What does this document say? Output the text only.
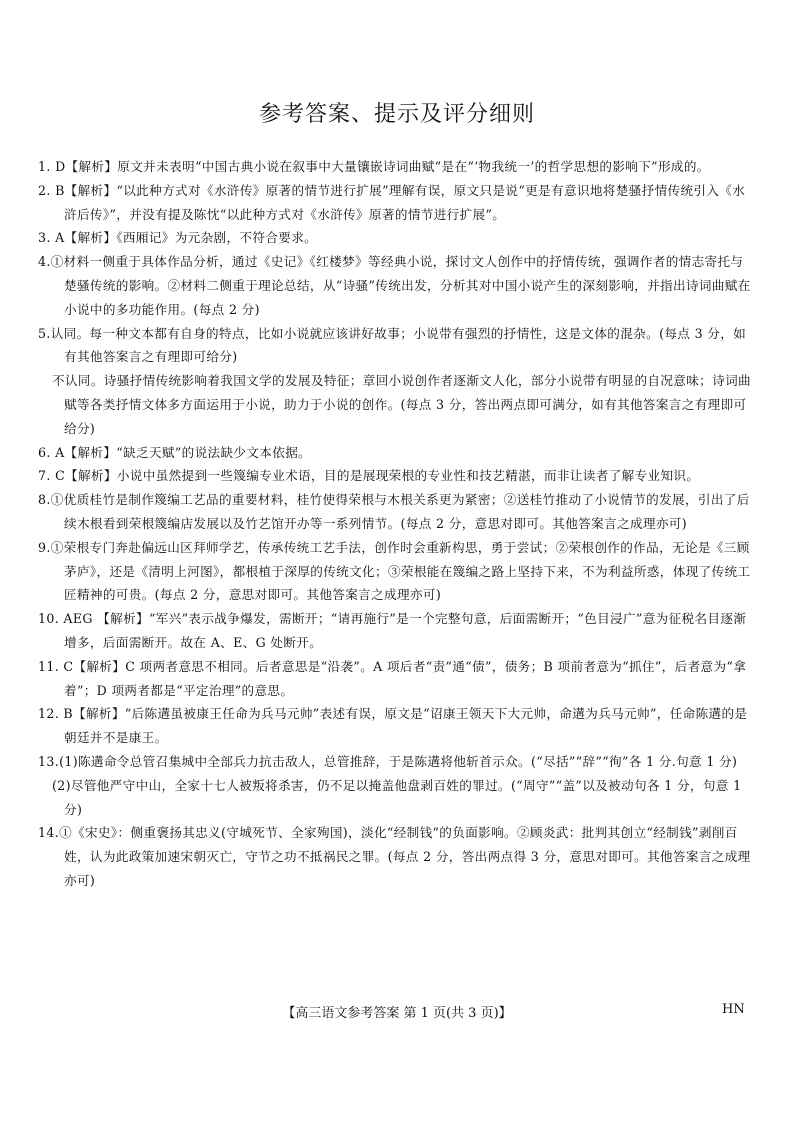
参考答案、提示及评分细则

1. D【解析】原文并未表明“中国古典小说在叙事中大量镶嵌诗词曲赋”是在“‘物我统一’的哲学思想的影响下”形成的。

2. B【解析】“以此种方式对《水浒传》原著的情节进行扩展”理解有误，原文只是说“更是有意识地将楚骚抒情传统引入《水浒后传》”，并没有提及陈忱“以此种方式对《水浒传》原著的情节进行扩展”。

3. A【解析】《西厢记》为元杂剧，不符合要求。

4.①材料一侧重于具体作品分析，通过《史记》《红楼梦》等经典小说，探讨文人创作中的抒情传统，强调作者的情志寄托与楚骚传统的影响。②材料二侧重于理论总结，从“诗骚”传统出发，分析其对中国小说产生的深刻影响，并指出诗词曲赋在小说中的多功能作用。(每点 2 分)

5.认同。每一种文本都有自身的特点，比如小说就应该讲好故事；小说带有强烈的抒情性，这是文体的混杂。(每点 3 分，如有其他答案言之有理即可给分)

不认同。诗骚抒情传统影响着我国文学的发展及特征；章回小说创作者逐渐文人化，部分小说带有明显的自况意味；诗词曲赋等各类抒情文体多方面运用于小说，助力于小说的创作。(每点 3 分，答出两点即可满分，如有其他答案言之有理即可给分)

6. A【解析】“缺乏天赋”的说法缺少文本依据。

7. C【解析】小说中虽然提到一些篾编专业术语，目的是展现荣根的专业性和技艺精湛，而非让读者了解专业知识。

8.①优质桂竹是制作篾编工艺品的重要材料，桂竹使得荣根与木根关系更为紧密；②送桂竹推动了小说情节的发展，引出了后续木根看到荣根篾编店发展以及竹艺馆开办等一系列情节。(每点 2 分，意思对即可。其他答案言之成理亦可)

9.①荣根专门奔赴偏远山区拜师学艺，传承传统工艺手法，创作时会重新构思，勇于尝试；②荣根创作的作品，无论是《三顾茅庐》，还是《清明上河图》，都根植于深厚的传统文化；③荣根能在篾编之路上坚持下来，不为利益所惑，体现了传统工匠精神的可贵。(每点 2 分，意思对即可。其他答案言之成理亦可)

10. AEG 【解析】“军兴”表示战争爆发，需断开；“请再施行”是一个完整句意，后面需断开；“色目浸广”意为征税名目逐渐增多，后面需断开。故在 A、E、G 处断开。

11. C【解析】C 项两者意思不相同。后者意思是“沿袭”。A 项后者“责”通“债”，债务；B 项前者意为“抓住”，后者意为“拿着”；D 项两者都是“平定治理”的意思。

12. B【解析】“后陈遘虽被康王任命为兵马元帅”表述有误，原文是“诏康王领天下大元帅，命遘为兵马元帅”，任命陈遘的是朝廷并不是康王。

13.(1)陈遘命令总管召集城中全部兵力抗击敌人，总管推辞，于是陈遘将他斩首示众。(“尽括”“辞”“徇”各 1 分.句意 1 分)

(2)尽管他严守中山，全家十七人被叛将杀害，仍不足以掩盖他盘剥百姓的罪过。(“周守”“盖”以及被动句各 1 分，句意 1 分)

14.①《宋史》：侧重褒扬其忠义(守城死节、全家殉国)，淡化“经制钱”的负面影响。②顾炎武：批判其创立“经制钱”剥削百姓，认为此政策加速宋朝灭亡，守节之功不抵祸民之罪。(每点 2 分，答出两点得 3 分，意思对即可。其他答案言之成理亦可)

【高三语文参考答案 第 1 页(共 3 页)】	HN
